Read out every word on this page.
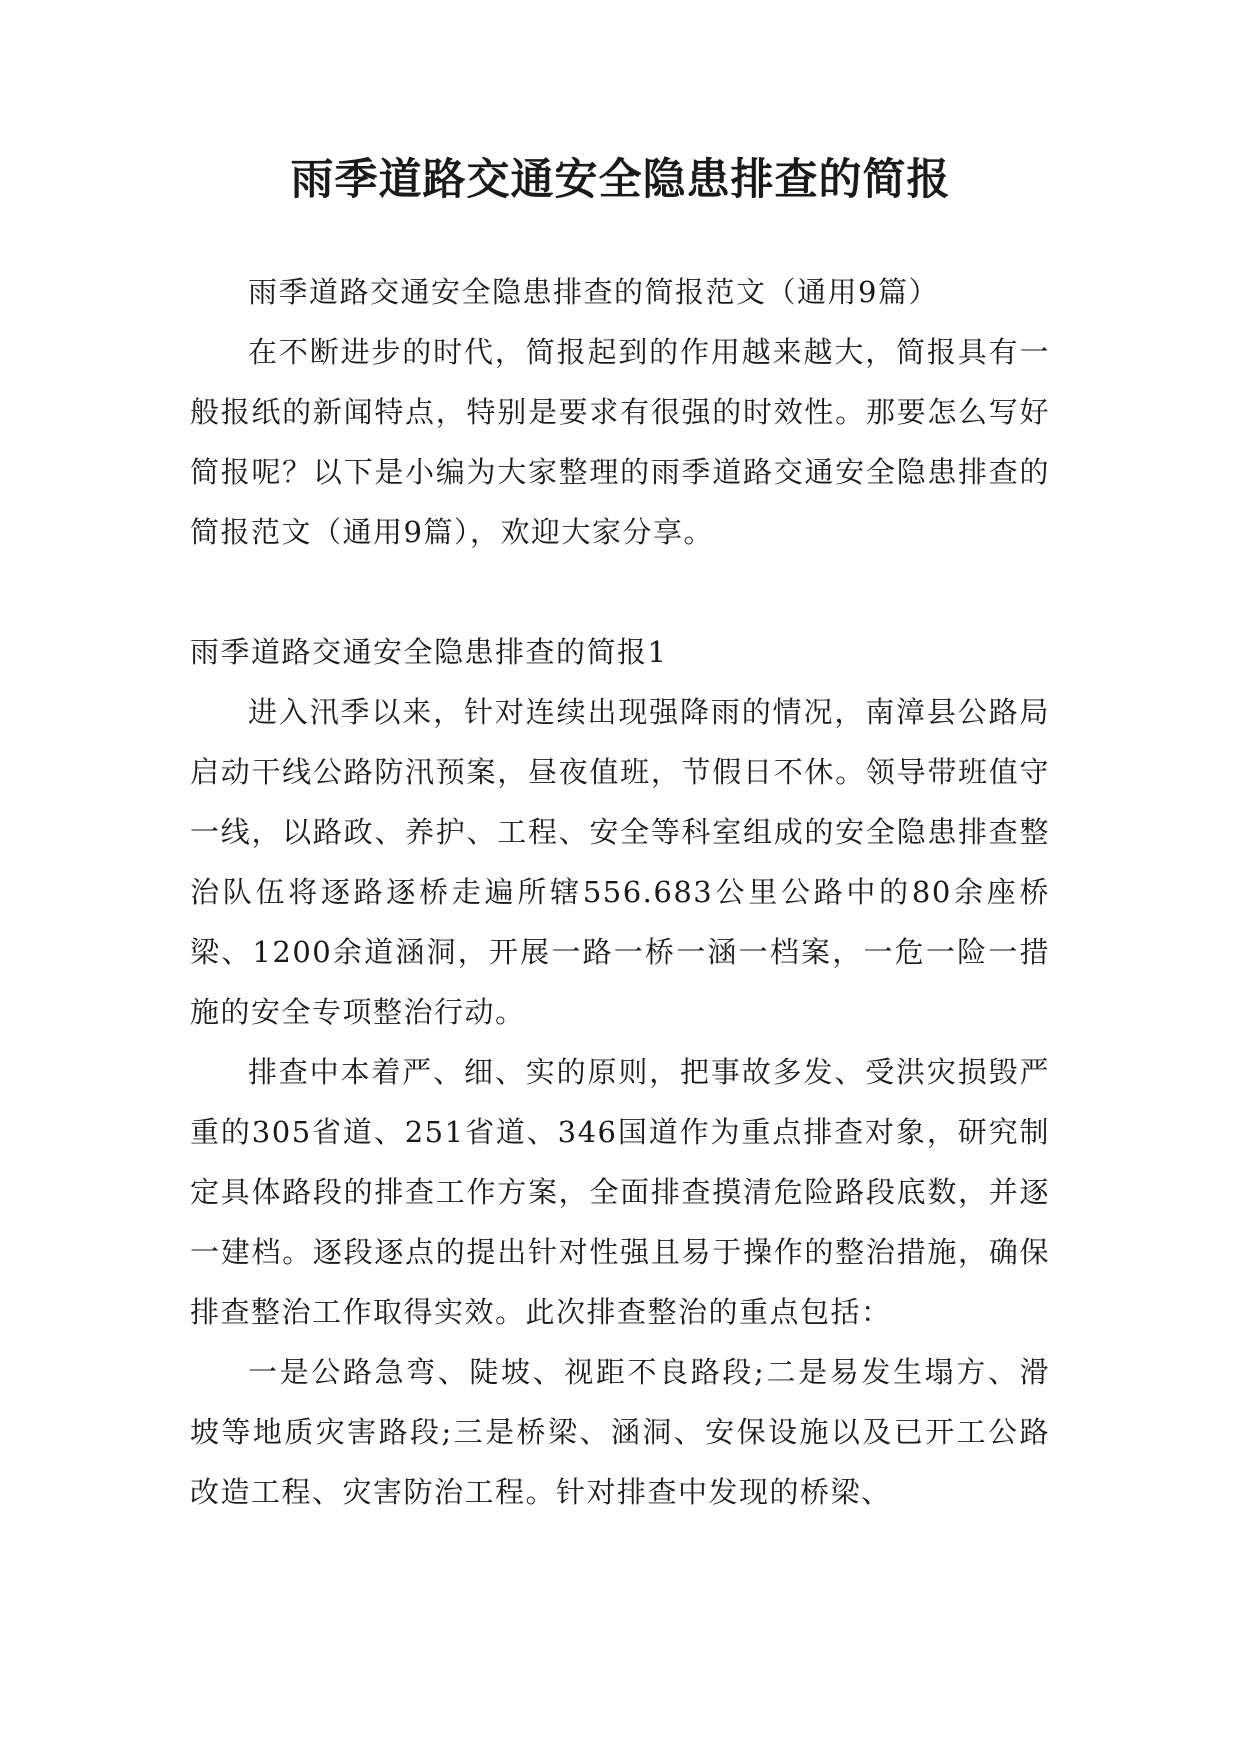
雨季道路交通安全隐患排查的简报

雨季道路交通安全隐患排查的简报范文（通用9篇）

在不断进步的时代，简报起到的作用越来越大，简报具有一般报纸的新闻特点，特别是要求有很强的时效性。那要怎么写好简报呢？以下是小编为大家整理的雨季道路交通安全隐患排查的简报范文（通用9篇），欢迎大家分享。

雨季道路交通安全隐患排查的简报1

进入汛季以来，针对连续出现强降雨的情况，南漳县公路局启动干线公路防汛预案，昼夜值班，节假日不休。领导带班值守一线，以路政、养护、工程、安全等科室组成的安全隐患排查整治队伍将逐路逐桥走遍所辖556.683公里公路中的80余座桥梁、1200余道涵洞，开展一路一桥一涵一档案，一危一险一措施的安全专项整治行动。

排查中本着严、细、实的原则，把事故多发、受洪灾损毁严重的305省道、251省道、346国道作为重点排查对象，研究制定具体路段的排查工作方案，全面排查摸清危险路段底数，并逐一建档。逐段逐点的提出针对性强且易于操作的整治措施，确保排查整治工作取得实效。此次排查整治的重点包括：

一是公路急弯、陡坡、视距不良路段;二是易发生塌方、滑坡等地质灾害路段;三是桥梁、涵洞、安保设施以及已开工公路改造工程、灾害防治工程。针对排查中发现的桥梁、
